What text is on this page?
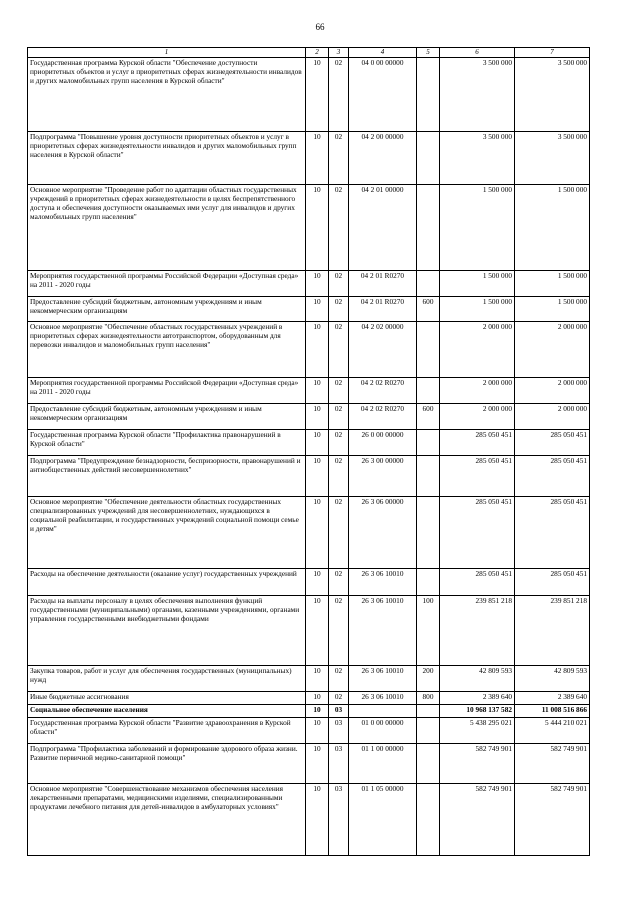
66
1	2	3	4	5	6	7
Государственная программа Курской области "Обеспечение доступности приоритетных объектов и услуг в приоритетных сферах жизнедеятельности инвалидов и других маломобильных групп населения в Курской области"	10	02	04 0 00 00000		3 500 000	3 500 000
Подпрограмма "Повышение уровня доступности приоритетных объектов и услуг в приоритетных сферах жизнедеятельности инвалидов и других маломобильных групп населения в Курской области"	10	02	04 2 00 00000		3 500 000	3 500 000
Основное мероприятие "Проведение работ по адаптации областных государственных учреждений в приоритетных сферах жизнедеятельности в целях беспрепятственного доступа и обеспечения доступности оказываемых ими услуг для инвалидов и других маломобильных групп населения"	10	02	04 2 01 00000		1 500 000	1 500 000
Мероприятия государственной программы Российской Федерации «Доступная среда» на 2011 - 2020 годы	10	02	04 2 01 R0270		1 500 000	1 500 000
Предоставление субсидий бюджетным, автономным учреждениям и иным некоммерческим организациям	10	02	04 2 01 R0270	600	1 500 000	1 500 000
Основное мероприятие "Обеспечение областных государственных учреждений в приоритетных сферах жизнедеятельности автотранспортом, оборудованным для перевозки инвалидов и маломобильных групп населения"	10	02	04 2 02 00000		2 000 000	2 000 000
Мероприятия государственной программы Российской Федерации «Доступная среда» на 2011 - 2020 годы	10	02	04 2 02 R0270		2 000 000	2 000 000
Предоставление субсидий бюджетным, автономным учреждениям и иным некоммерческим организациям	10	02	04 2 02 R0270	600	2 000 000	2 000 000
Государственная программа Курской области "Профилактика правонарушений в Курской области"	10	02	26 0 00 00000		285 050 451	285 050 451
Подпрограмма "Предупреждение безнадзорности, беспризорности, правонарушений и антиобщественных действий несовершеннолетних"	10	02	26 3 00 00000		285 050 451	285 050 451
Основное мероприятие "Обеспечение деятельности областных государственных специализированных учреждений для несовершеннолетних, нуждающихся в социальной реабилитации, и государственных учреждений социальной помощи семье и детям"	10	02	26 3 06 00000		285 050 451	285 050 451
Расходы на обеспечение деятельности (оказание услуг) государственных учреждений	10	02	26 3 06 10010		285 050 451	285 050 451
Расходы на выплаты персоналу в целях обеспечения выполнения функций государственными (муниципальными) органами, казенными учреждениями, органами управления государственными внебюджетными фондами	10	02	26 3 06 10010	100	239 851 218	239 851 218
Закупка товаров, работ и услуг для обеспечения государственных (муниципальных) нужд	10	02	26 3 06 10010	200	42 809 593	42 809 593
Иные бюджетные ассигнования	10	02	26 3 06 10010	800	2 389 640	2 389 640
Социальное обеспечение населения	10	03			10 968 137 582	11 008 516 866
Государственная программа Курской области "Развитие здравоохранения в Курской области"	10	03	01 0 00 00000		5 438 295 021	5 444 210 021
Подпрограмма "Профилактика заболеваний и формирование здорового образа жизни. Развитие первичной медико-санитарной помощи"	10	03	01 1 00 00000		582 749 901	582 749 901
Основное мероприятие "Совершенствование механизмов обеспечения населения лекарственными препаратами, медицинскими изделиями, специализированными продуктами лечебного питания для детей-инвалидов в амбулаторных условиях"	10	03	01 1 05 00000		582 749 901	582 749 901
